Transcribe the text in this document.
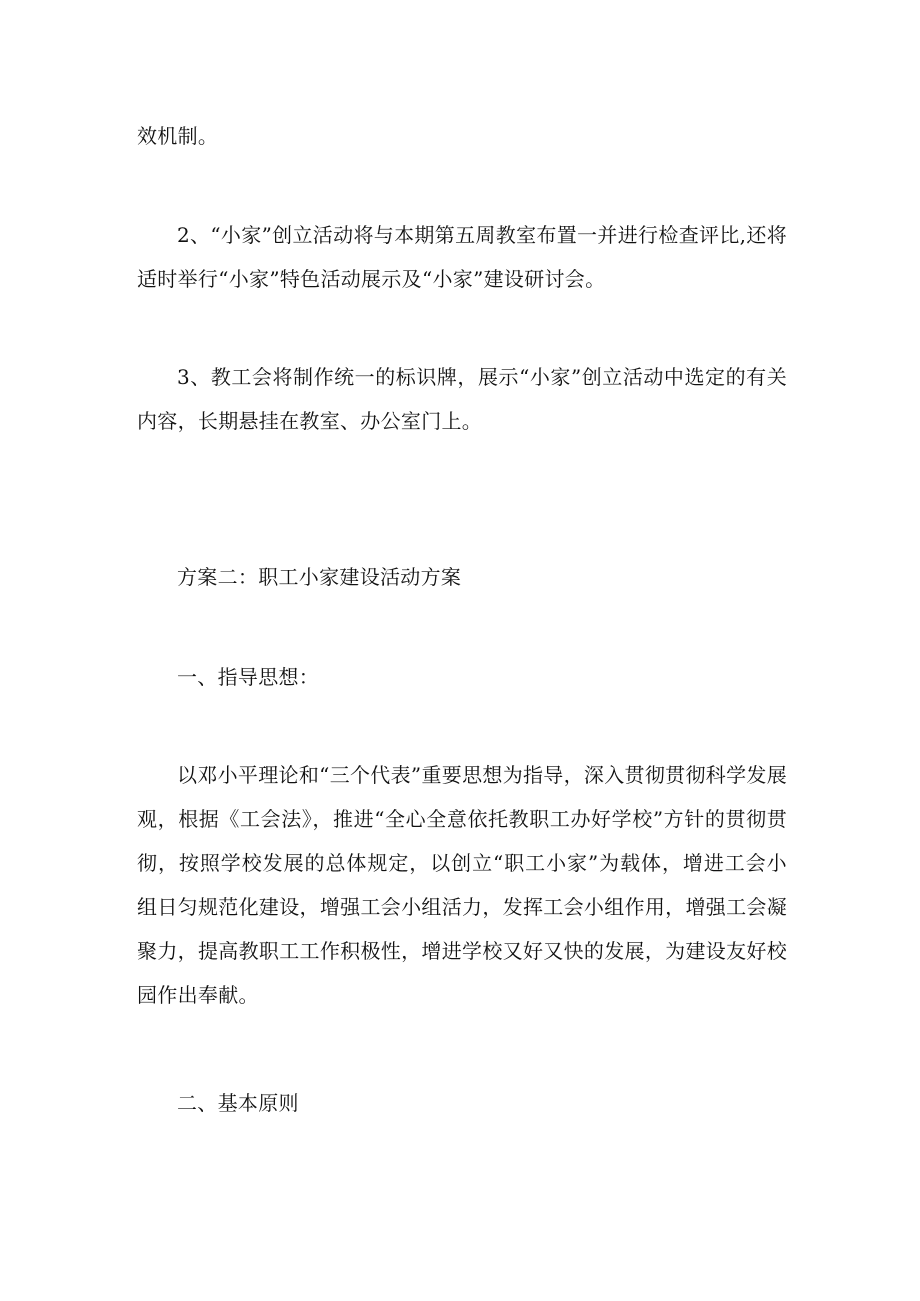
效机制。

2、“小家”创立活动将与本期第五周教室布置一并进行检查评比,还将适时举行“小家”特色活动展示及“小家”建设研讨会。

3、教工会将制作统一的标识牌，展示“小家”创立活动中选定的有关内容，长期悬挂在教室、办公室门上。

方案二：职工小家建设活动方案
一、指导思想：

以邓小平理论和“三个代表”重要思想为指导，深入贯彻贯彻科学发展观，根据《工会法》，推进“全心全意依托教职工办好学校”方针的贯彻贯彻，按照学校发展的总体规定，以创立“职工小家”为载体，增进工会小组日匀规范化建设，增强工会小组活力，发挥工会小组作用，增强工会凝聚力，提高教职工工作积极性，增进学校又好又快的发展，为建设友好校园作出奉献。

二、基本原则
